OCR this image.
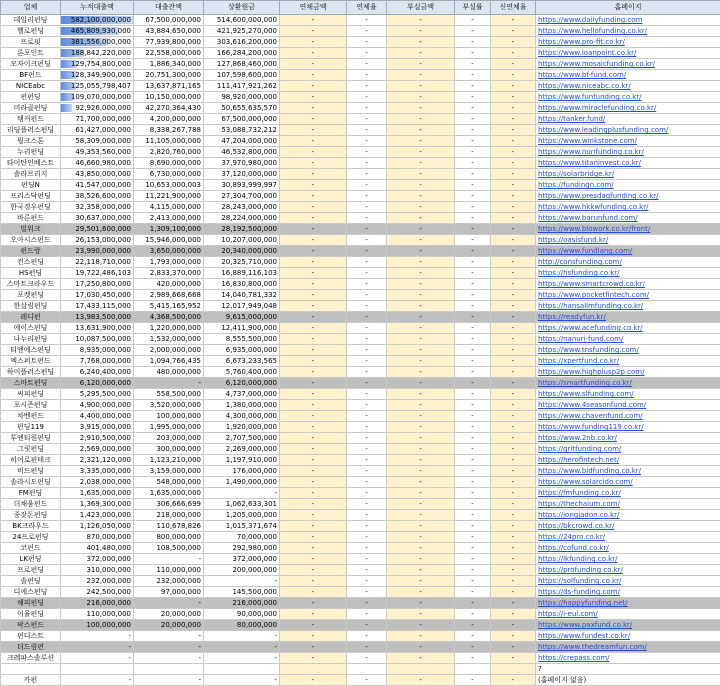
업체	누적대출액	대출잔액	상환원금	연체금액	연체율	부실금액	부실률	신연체율	홈페이지
데일리펀딩	582,100,000,000	67,500,000,000	514,600,000,000	-	-	-	-	-	https://www.dailyfunding.com
헬로펀딩	465,809,930,000	43,884,650,000	421,925,270,000	-	-	-	-	-	https://www.hellofunding.co.kr/
프로핏	381,556,000,000	77,939,800,000	303,616,200,000	-	-	-	-	-	https://www.pro-fit.co.kr/
론포인트	188,842,220,000	22,558,000,000	166,284,200,000	-	-	-	-	-	https://www.loanpoint.co.kr/
모자이크펀딩	129,754,800,000	1,886,340,000	127,868,460,000	-	-	-	-	-	https://www.mosaicfunding.co.kr/
BF펀드	128,349,900,000	20,751,300,000	107,598,600,000	-	-	-	-	-	https://www.bf-fund.com/
NICEabc	125,055,798,407	13,637,871,165	111,417,921,262	-	-	-	-	-	https://www.niceabc.co.kr/
펀펀딩	109,070,000,000	10,150,000,000	98,920,000,000	-	-	-	-	-	https://www.funfunding.co.kr/
미라클펀딩	92,926,000,000	42,270,364,430	50,655,635,570	-	-	-	-	-	https://www.miraclefunding.co.kr/
탱커펀드	71,700,000,000	4,200,000,000	67,500,000,000	-	-	-	-	-	https://tanker.fund/
리딩플러스펀딩	61,427,000,000	8,338,267,788	53,088,732,212	-	-	-	-	-	https://www.leadingplusfunding.com/
윙크스톤	58,309,000,000	11,105,000,000	47,204,000,000	-	-	-	-	-	https://www.winkstone.com/
누리펀딩	49,353,560,000	2,820,760,000	46,532,800,000	-	-	-	-	-	https://www.nurifunding.co.kr/
타이탄인베스트	46,660,980,000	8,690,000,000	37,970,980,000	-	-	-	-	-	https://www.titaninvest.co.kr/
솔라브리지	43,850,000,000	6,730,000,000	37,120,000,000	-	-	-	-	-	https://solarbridge.kr/
펀딩N	41,547,000,000	10,653,000,003	30,893,999,997	-	-	-	-	-	https://fundingn.com/
프리스닥펀딩	38,526,600,000	11,221,900,000	27,304,700,000	-	-	-	-	-	https://www.presdaqfunding.co.kr/
한국경우펀딩	32,358,000,000	4,115,000,000	28,243,000,000	-	-	-	-	-	https://www.hkkwfunding.co.kr/
바른펀드	30,637,000,000	2,413,000,000	28,224,000,000	-	-	-	-	-	https://www.barunfund.com/
빌워크	29,501,600,000	1,309,100,000	28,192,500,000	-	-	-	-	-	https://www.blowork.co.kr/front/
오아시스펀드	26,153,000,000	15,946,000,000	10,207,000,000	-	-	-	-	-	https://oasisfund.kr/
펀드랑	23,990,000,000	3,650,000,000	20,340,000,000	-	-	-	-	-	https://www.fundlang.com/
컨스펀딩	22,118,710,000	1,793,000,000	20,325,710,000	-	-	-	-	-	http://consfunding.com/
HS펀딩	19,722,486,103	2,833,370,000	16,889,116,103	-	-	-	-	-	https://hsfunding.co.kr/
스마트크라우드	17,250,800,000	420,000,000	16,830,800,000	-	-	-	-	-	https://www.smartcrowd.co.kr/
포켓펀딩	17,030,450,000	2,989,668,668	14,040,781,332	-	-	-	-	-	https://www.pocketfintech.com/
한살림펀딩	17,433,115,000	5,415,165,952	12,017,949,048	-	-	-	-	-	https://hansalimfunding.co.kr/
레디펀	13,983,500,000	4,368,500,000	9,615,000,000	-	-	-	-	-	https://readyfun.kr/
에이스펀딩	13,631,900,000	1,220,000,000	12,411,900,000	-	-	-	-	-	https://www.acefunding.co.kr/
나누리펀딩	10,087,500,000	1,532,000,000	8,555,500,000	-	-	-	-	-	https://nanuri-fund.com/
티엔에스펀딩	8,935,000,000	2,000,000,000	6,935,000,000	-	-	-	-	-	https://www.tnsfunding.com/
엑스퍼트펀드	7,768,000,000	1,094,766,435	6,673,233,565	-	-	-	-	-	https://xpertfund.co.kr/
하이플러스펀딩	6,240,400,000	480,000,000	5,760,400,000	-	-	-	-	-	https://www.highplusp2p.com/
스마트펀딩	6,120,000,000	-	6,120,000,000	-	-	-	-	-	https://smartfunding.co.kr/
씨피펀딩	5,295,500,000	558,500,000	4,737,000,000	-	-	-	-	-	https://www.slfunding.com/
포시즌펀딩	4,900,000,000	3,520,000,000	1,380,000,000	-	-	-	-	-	https://www.4seasonfund.com/
차벤펀드	4,400,000,000	100,000,000	4,300,000,000	-	-	-	-	-	https://www.chavenfund.com/
펀딩119	3,915,000,000	1,995,000,000	1,920,000,000	-	-	-	-	-	https://www.funding119.co.kr/
투엔티원펀딩	2,910,500,000	203,000,000	2,707,500,000	-	-	-	-	-	https://www.2nb.co.kr/
그릿펀딩	2,569,000,000	300,000,000	2,269,000,000	-	-	-	-	-	https://gritfunding.com/
히어로핀테크	2,321,120,000	1,123,210,000	1,197,910,000	-	-	-	-	-	https://herofintech.net/
비드펀딩	3,335,000,000	3,159,000,000	176,000,000	-	-	-	-	-	https://www.bidfunding.co.kr/
솔라시도펀딩	2,038,000,000	548,000,000	1,490,000,000	-	-	-	-	-	https://www.solarcido.com/
FM펀딩	1,635,000,000	1,635,000,000	-	-	-	-	-	-	https://fmfunding.co.kr/
더채움펀드	1,369,300,000	306,666,699	1,062,633,301	-	-	-	-	-	https://thechaium.com/
종잣돈펀딩	1,423,000,000	218,000,000	1,205,000,000	-	-	-	-	-	https://jongjadon.co.kr/
BK크라우드	1,126,050,000	110,678,826	1,015,371,674	-	-	-	-	-	https://bkcrowd.co.kr/
24프로펀딩	870,000,000	800,000,000	70,000,000	-	-	-	-	-	https://24pro.co.kr/
코펀드	401,480,000	108,500,000	292,980,000	-	-	-	-	-	https://cofund.co.kr/
LK펀딩	372,000,000	-	372,000,000	-	-	-	-	-	https://lkfunding.co.kr/
프로펀딩	310,000,000	110,000,000	200,000,000	-	-	-	-	-	https://profunding.co.kr/
솔펀딩	232,000,000	232,000,000	-	-	-	-	-	-	https://solfunding.co.kr/
디에스펀딩	242,500,000	97,000,000	145,500,000	-	-	-	-	-	https://ds-funding.com/
해피펀딩	216,000,000	-	216,000,000	-	-	-	-	-	https://happyfunding.net/
이율펀딩	110,000,000	20,000,000	90,000,000	-	-	-	-	-	https://i-eul.com/
팍스펀드	100,000,000	20,000,000	80,000,000	-	-	-	-	-	https://www.paxfund.co.kr/
펀디스트	-	-	-	-	-	-	-	-	https://www.fundest.co.kr/
더드림펀	-	-	-	-	-	-	-	-	https://www.thedreamfun.com/
크레파스솔루션	-	-	-	-	-	-	-	-	https://crepass.com/
									?
카펀	-	-	-	-	-	-	-	-	(홈페이지 없음)
